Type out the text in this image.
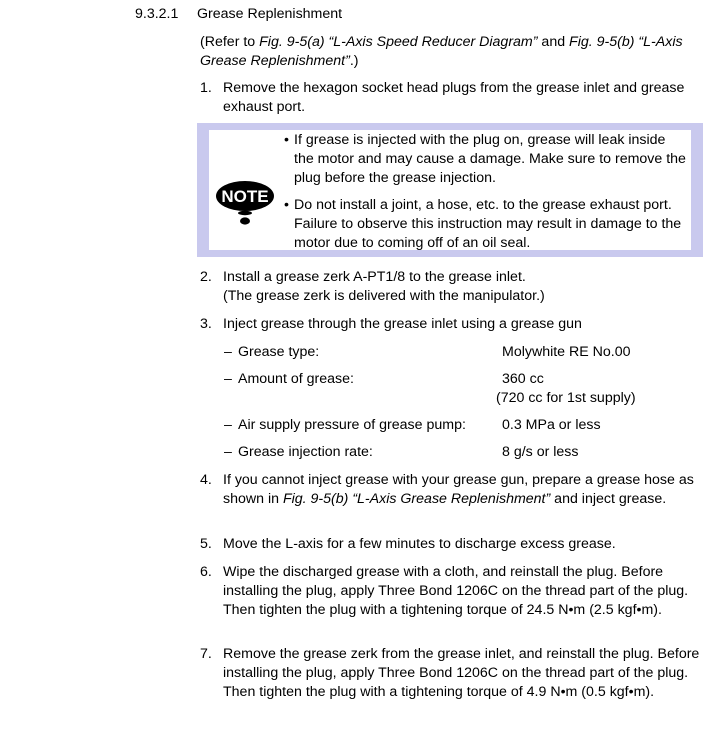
9.3.2.1 Grease Replenishment
(Refer to Fig. 9-5(a) “L-Axis Speed Reducer Diagram” and Fig. 9-5(b) “L-Axis Grease Replenishment”.)
1. Remove the hexagon socket head plugs from the grease inlet and grease exhaust port.
NOTE
• If grease is injected with the plug on, grease will leak inside the motor and may cause a damage. Make sure to remove the plug before the grease injection.
• Do not install a joint, a hose, etc. to the grease exhaust port. Failure to observe this instruction may result in damage to the motor due to coming off of an oil seal.
2. Install a grease zerk A-PT1/8 to the grease inlet.
(The grease zerk is delivered with the manipulator.)
3. Inject grease through the grease inlet using a grease gun
– Grease type:	Molywhite RE No.00
– Amount of grease:	360 cc
(720 cc for 1st supply)
– Air supply pressure of grease pump:	0.3 MPa or less
– Grease injection rate:	8 g/s or less
4. If you cannot inject grease with your grease gun, prepare a grease hose as shown in Fig. 9-5(b) “L-Axis Grease Replenishment” and inject grease.
5. Move the L-axis for a few minutes to discharge excess grease.
6. Wipe the discharged grease with a cloth, and reinstall the plug. Before installing the plug, apply Three Bond 1206C on the thread part of the plug. Then tighten the plug with a tightening torque of 24.5 N•m (2.5 kgf•m).
7. Remove the grease zerk from the grease inlet, and reinstall the plug. Before installing the plug, apply Three Bond 1206C on the thread part of the plug. Then tighten the plug with a tightening torque of 4.9 N•m (0.5 kgf•m).
